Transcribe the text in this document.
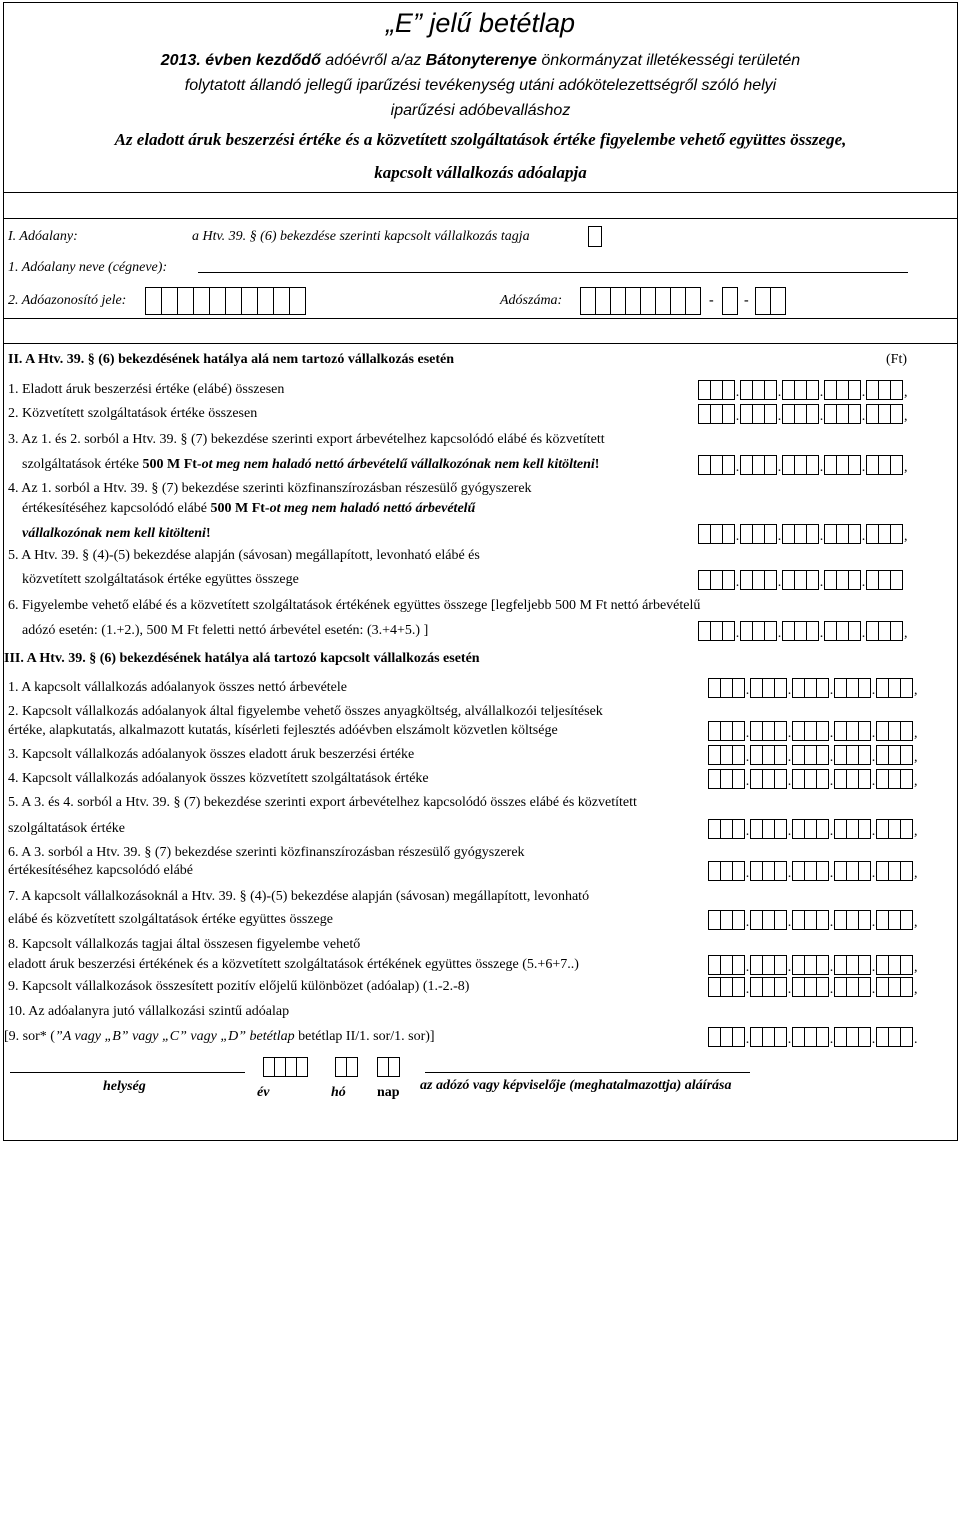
„E” jelű betétlap
2013. évben kezdődő adóévről a/az Bátonyterenye önkormányzat illetékességi területén
folytatott állandó jellegű iparűzési tevékenység utáni adókötelezettségről szóló helyi
iparűzési adóbevalláshoz
Az eladott áruk beszerzési értéke és a közvetített szolgáltatások értéke figyelembe vehető együttes összege,
kapcsolt vállalkozás adóalapja
I. Adóalany:	a Htv. 39. § (6) bekezdése szerinti kapcsolt vállalkozás tagja
1. Adóalany neve (cégneve):
2. Adóazonosító jele:	Adószáma:	- -
II. A Htv. 39. § (6) bekezdésének hatálya alá nem tartozó vállalkozás esetén	(Ft)
1. Eladott áruk beszerzési értéke (elábé) összesen	.	.	.	.	,
2. Közvetített szolgáltatások értéke összesen	.	.	.	.	,
3. Az 1. és 2. sorból a Htv. 39. § (7) bekezdése szerinti export árbevételhez kapcsolódó elábé és közvetített
szolgáltatások értéke 500 M Ft-ot meg nem haladó nettó árbevételű vállalkozónak nem kell kitölteni!	.	.	.	.	,
4. Az 1. sorból a Htv. 39. § (7) bekezdése szerinti közfinanszírozásban részesülő gyógyszerek
értékesítéséhez kapcsolódó elábé 500 M Ft-ot meg nem haladó nettó árbevételű
vállalkozónak nem kell kitölteni!	.	.	.	.	,
5. A Htv. 39. § (4)-(5) bekezdése alapján (sávosan) megállapított, levonható elábé és
közvetített szolgáltatások értéke együttes összege	.	.	.	.
6. Figyelembe vehető elábé és a közvetített szolgáltatások értékének együttes összege [legfeljebb 500 M Ft nettó árbevételű
adózó esetén: (1.+2.), 500 M Ft feletti nettó árbevétel esetén: (3.+4+5.) ]	.	.	.	.	,
III. A Htv. 39. § (6) bekezdésének hatálya alá tartozó kapcsolt vállalkozás esetén
1. A kapcsolt vállalkozás adóalanyok összes nettó árbevétele	.	.	.	.	,
2. Kapcsolt vállalkozás adóalanyok által figyelembe vehető összes anyagköltség, alvállalkozói teljesítések
értéke, alapkutatás, alkalmazott kutatás, kísérleti fejlesztés adóévben elszámolt közvetlen költsége	.	.	.	.	,
3. Kapcsolt vállalkozás adóalanyok összes eladott áruk beszerzési értéke	.	.	.	.	,
4. Kapcsolt vállalkozás adóalanyok összes közvetített szolgáltatások értéke	.	.	.	.	,
5. A 3. és 4. sorból a Htv. 39. § (7) bekezdése szerinti export árbevételhez kapcsolódó összes elábé és közvetített
szolgáltatások értéke	.	.	.	.	,
6. A 3. sorból a Htv. 39. § (7) bekezdése szerinti közfinanszírozásban részesülő gyógyszerek
értékesítéséhez kapcsolódó elábé	.	.	.	.	,
7. A kapcsolt vállalkozásoknál a Htv. 39. § (4)-(5) bekezdése alapján (sávosan) megállapított, levonható
elábé és közvetített szolgáltatások értéke együttes összege	.	.	.	.	,
8. Kapcsolt vállalkozás tagjai által összesen figyelembe vehető
eladott áruk beszerzési értékének és a közvetített szolgáltatások értékének együttes összege (5.+6+7..)	.	.	.	.	,
9. Kapcsolt vállalkozások összesített pozitív előjelű különbözet (adóalap) (1.-2.-8)	.	.	.	.	,
10. Az adóalanyra jutó vállalkozási szintű adóalap
[9. sor* (”A vagy „B” vagy „C” vagy „D” betétlap betétlap II/1. sor/1. sor)]	.	.	.	.	.
helység	év	hó nap az adózó vagy képviselője (meghatalmazottja) aláírása
